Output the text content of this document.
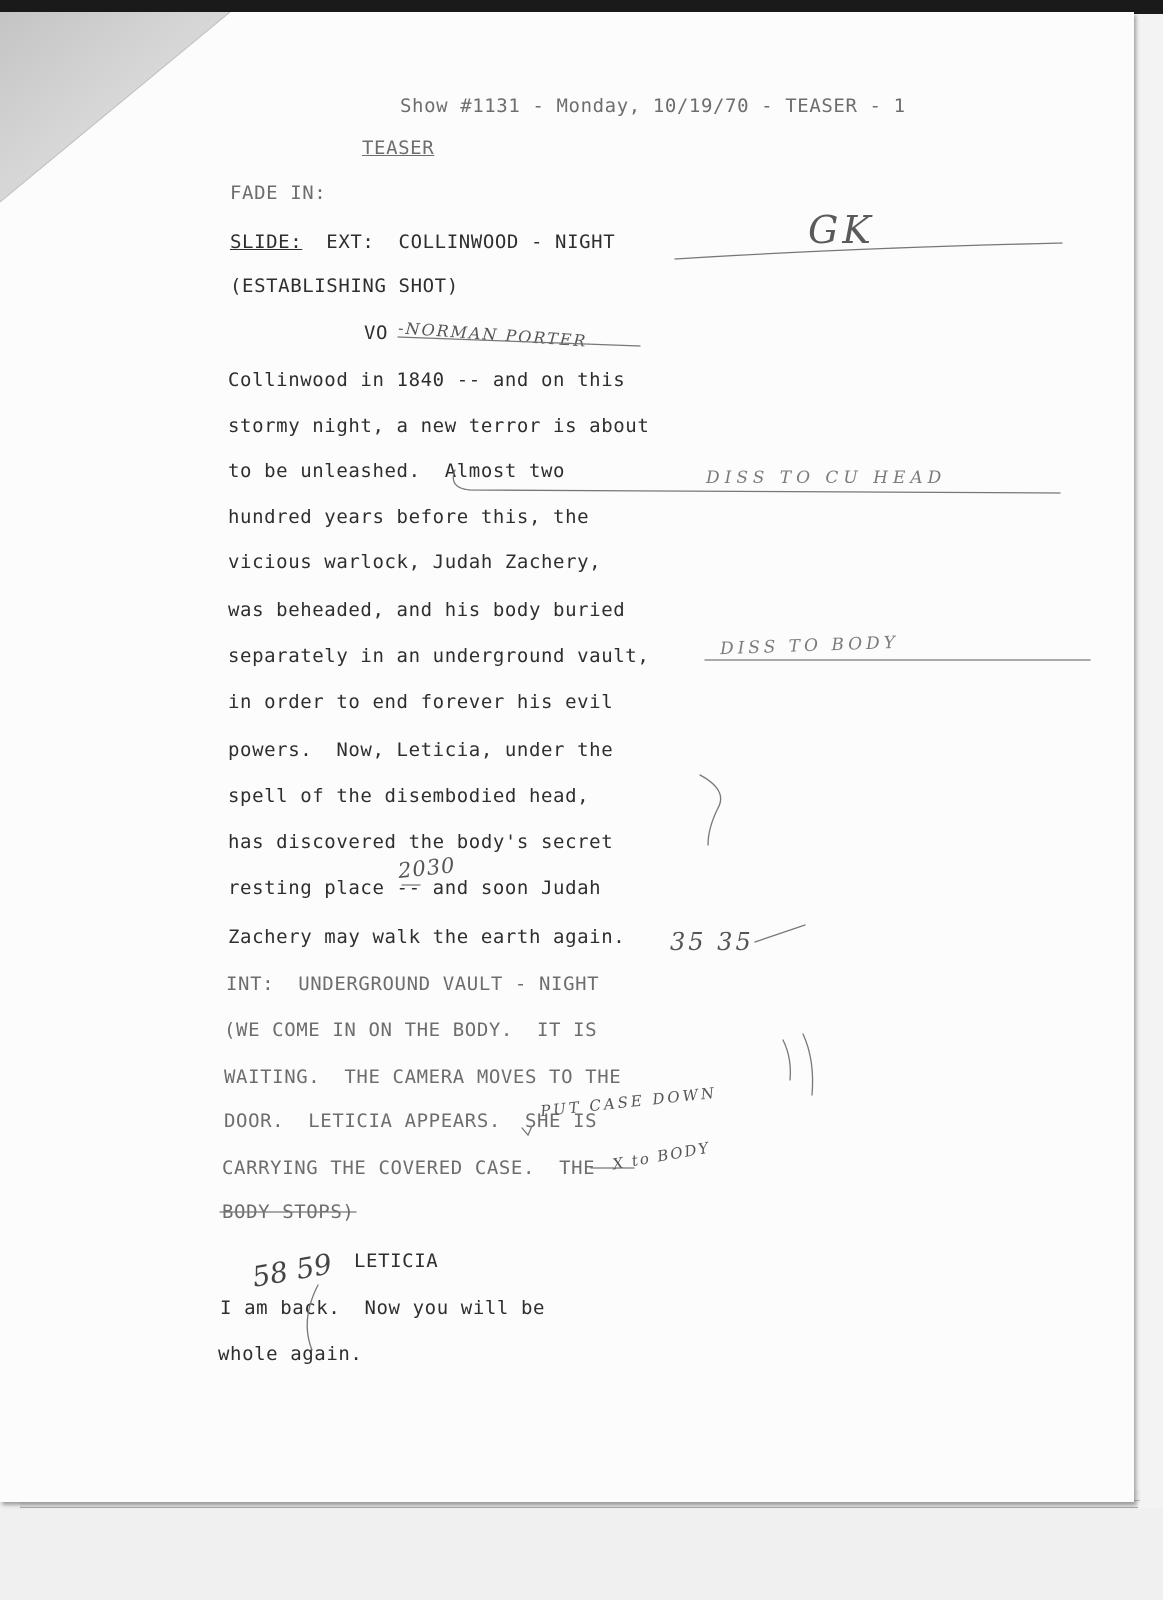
Show #1131 - Monday, 10/19/70 - TEASER - 1
TEASER
FADE IN:
SLIDE:  EXT:  COLLINWOOD - NIGHT
(ESTABLISHING SHOT)
VO
Collinwood in 1840 -- and on this
stormy night, a new terror is about
to be unleashed.  Almost two
hundred years before this, the
vicious warlock, Judah Zachery,
was beheaded, and his body buried
separately in an underground vault,
in order to end forever his evil
powers.  Now, Leticia, under the
spell of the disembodied head,
has discovered the body's secret
resting place -- and soon Judah
Zachery may walk the earth again.
INT:  UNDERGROUND VAULT - NIGHT
(WE COME IN ON THE BODY.  IT IS
WAITING.  THE CAMERA MOVES TO THE
DOOR.  LETICIA APPEARS.  SHE IS
CARRYING THE COVERED CASE.  THE
BODY STOPS)
LETICIA
I am back.  Now you will be
whole again.
GK
-NORMAN PORTER
DISS TO CU HEAD
DISS TO BODY
2030
35 35
PUT CASE DOWN
X to BODY
58 59
